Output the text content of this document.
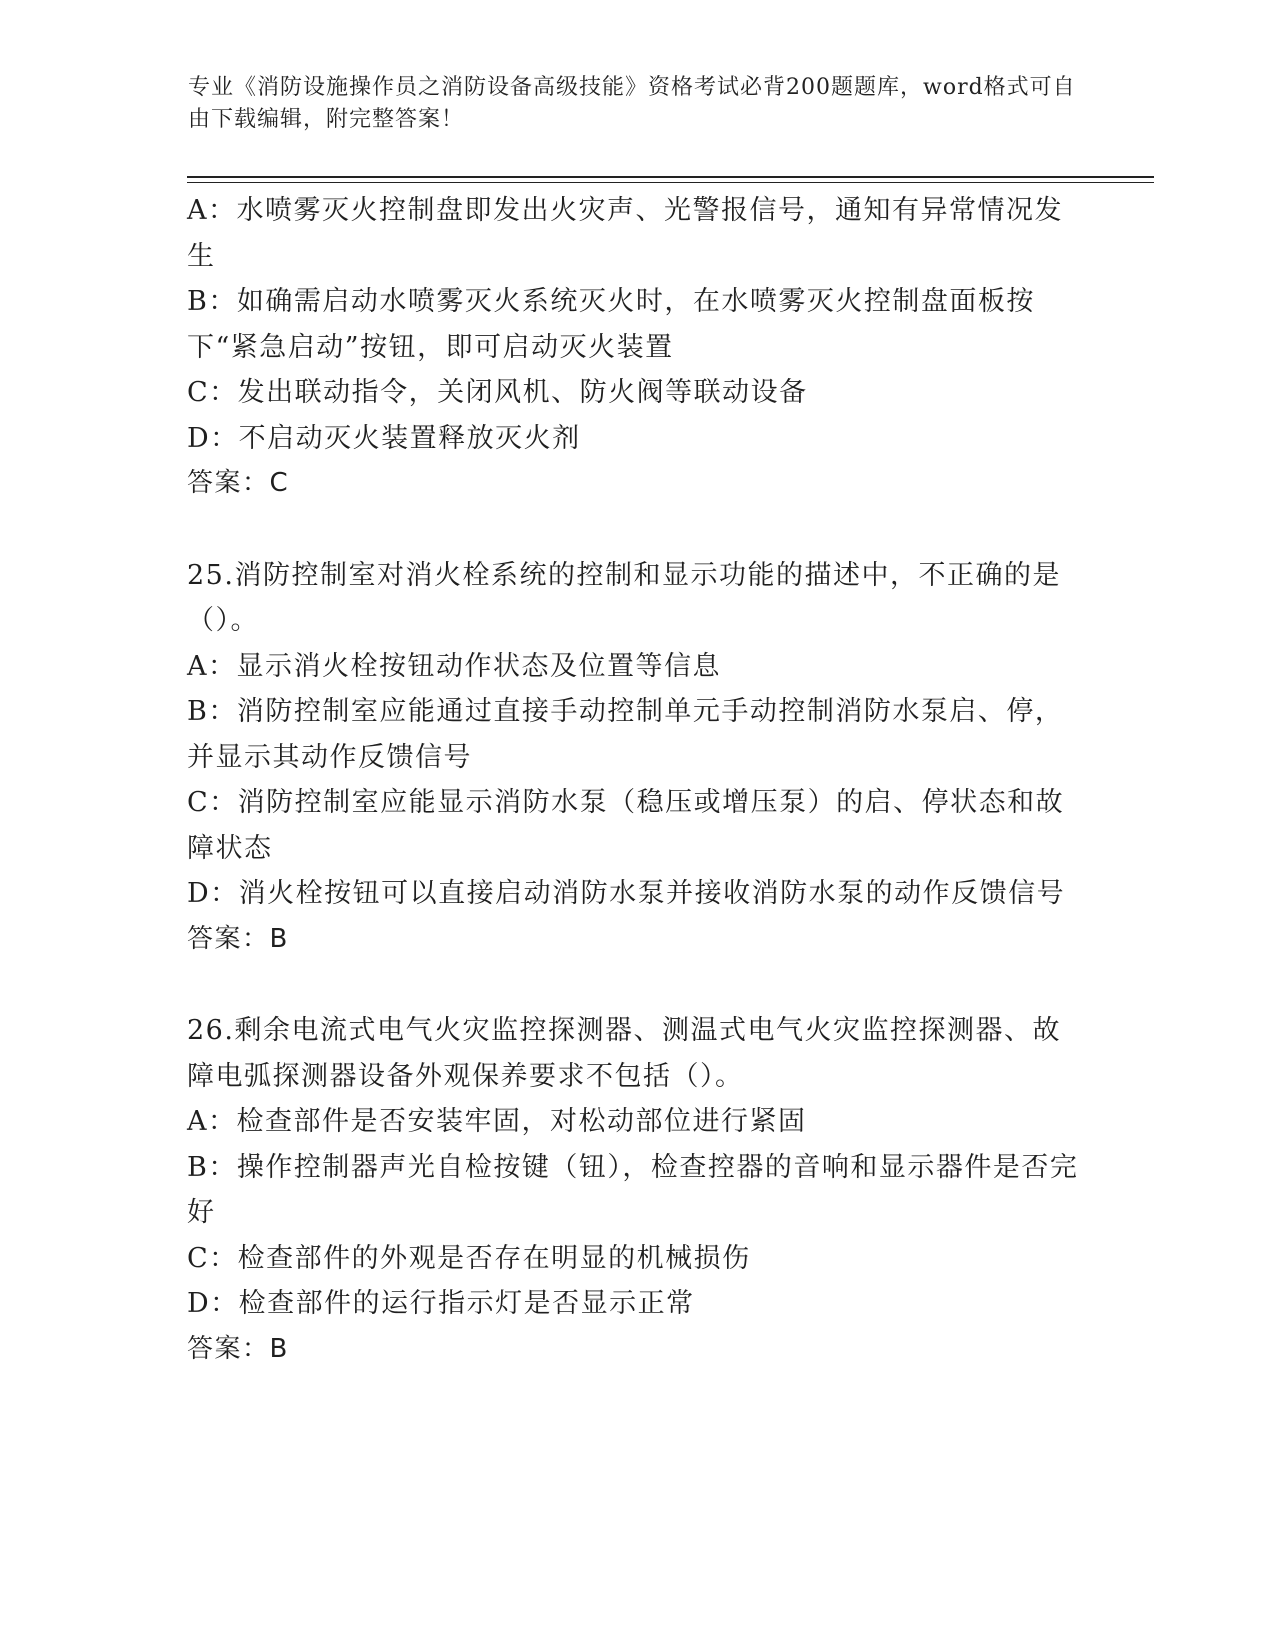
专业《消防设施操作员之消防设备高级技能》资格考试必背200题题库，word格式可自由下载编辑，附完整答案！

A：水喷雾灭火控制盘即发出火灾声、光警报信号，通知有异常情况发生

B：如确需启动水喷雾灭火系统灭火时，在水喷雾灭火控制盘面板按下“紧急启动”按钮，即可启动灭火装置

C：发出联动指令，关闭风机、防火阀等联动设备

D：不启动灭火装置释放灭火剂

答案：C

25.消防控制室对消火栓系统的控制和显示功能的描述中，不正确的是（）。

A：显示消火栓按钮动作状态及位置等信息

B：消防控制室应能通过直接手动控制单元手动控制消防水泵启、停，并显示其动作反馈信号

C：消防控制室应能显示消防水泵（稳压或增压泵）的启、停状态和故障状态

D：消火栓按钮可以直接启动消防水泵并接收消防水泵的动作反馈信号

答案：B

26.剩余电流式电气火灾监控探测器、测温式电气火灾监控探测器、故障电弧探测器设备外观保养要求不包括（）。

A：检查部件是否安装牢固，对松动部位进行紧固

B：操作控制器声光自检按键（钮），检查控器的音响和显示器件是否完好

C：检查部件的外观是否存在明显的机械损伤

D：检查部件的运行指示灯是否显示正常

答案：B
